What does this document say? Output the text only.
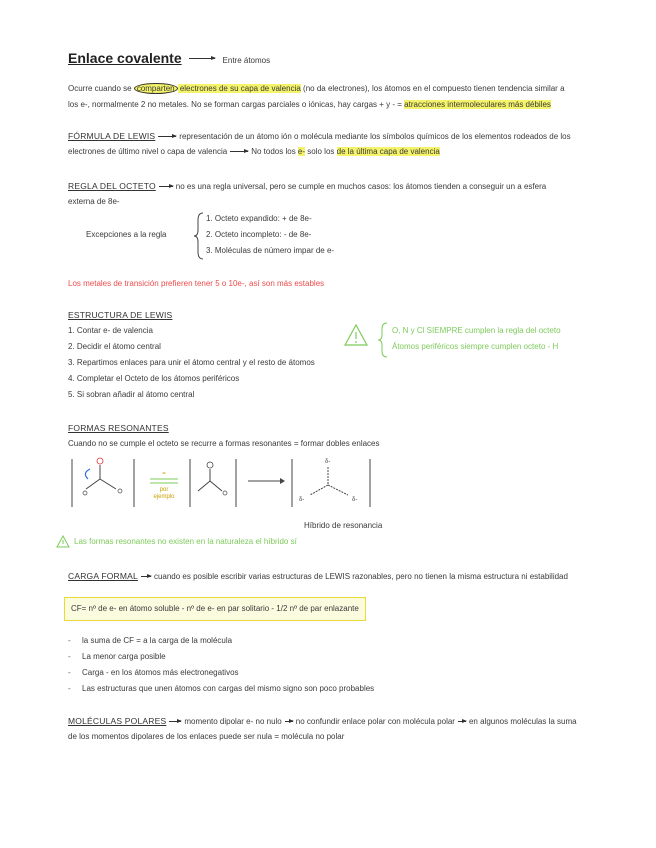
Enlace covalente	Entre átomos
Ocurre cuando se comparten electrones de su capa de valencia (no da electrones), los átomos en el compuesto tienen tendencia similar a
los e-, normalmente 2 no metales. No se forman cargas parciales o iónicas, hay cargas + y - = atracciones intermoleculares más débiles
FÓRMULA DE LEWIS	representación de un átomo ión o molécula mediante los símbolos químicos de los elementos rodeados de los
electrones de último nivel o capa de valencia	No todos los e- solo los de la última capa de valencia
REGLA DEL OCTETO	no es una regla universal, pero se cumple en muchos casos: los átomos tienden a conseguir un a esfera
externa de 8e-
Excepciones a la regla
1. Octeto expandido: + de 8e-
2. Octeto incompleto: - de 8e-
3. Moléculas de número impar de e-
Los metales de transición prefieren tener 5 o 10e-, así son más estables
ESTRUCTURA DE LEWIS
1. Contar e- de valencia
2. Decidir el átomo central
3. Repartimos enlaces para unir el átomo central y el resto de átomos
4. Completar el Octeto de los átomos periféricos
5. Si sobran añadir al átomo central
O, N y Cl SIEMPRE cumplen la regla del octeto
Átomos periféricos siempre cumplen octeto - H
FORMAS RESONANTES
Cuando no se cumple el octeto se recurre a formas resonantes = formar dobles enlaces
=
por
ejemplo
δ-
δ-	δ-
Híbrido de resonancia
Las formas resonantes no existen en la naturaleza el híbrido sí
CARGA FORMAL cuando es posible escribir varias estructuras de LEWIS razonables, pero no tienen la misma estructura ni estabilidad
CF= nº de e- en átomo soluble - nº de e- en par solitario - 1/2 nº de par enlazante
- la suma de CF = a la carga de la molécula
- La menor carga posible
- Carga - en los átomos más electronegativos
- Las estructuras que unen átomos con cargas del mismo signo son poco probables
MOLÉCULAS POLARES momento dipolar e- no nulo no confundir enlace polar con molécula polar en algunos moléculas la suma
de los momentos dipolares de los enlaces puede ser nula = molécula no polar
